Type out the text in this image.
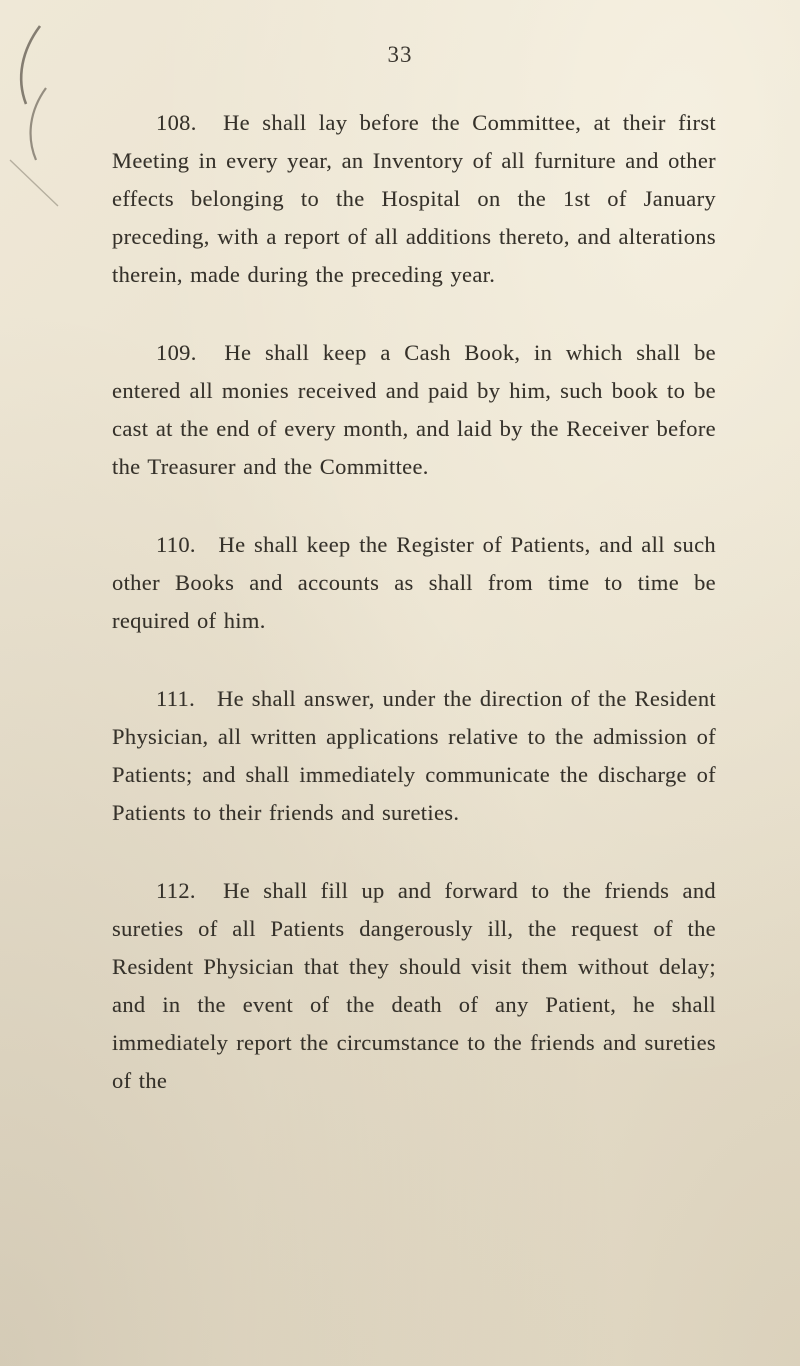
33

108. He shall lay before the Committee, at their first Meeting in every year, an Inventory of all furniture and other effects belonging to the Hospital on the 1st of January preceding, with a report of all additions thereto, and alterations therein, made during the preceding year.

109. He shall keep a Cash Book, in which shall be entered all monies received and paid by him, such book to be cast at the end of every month, and laid by the Receiver before the Treasurer and the Committee.

110. He shall keep the Register of Patients, and all such other Books and accounts as shall from time to time be required of him.

111. He shall answer, under the direction of the Resident Physician, all written applications relative to the admission of Patients; and shall immediately communicate the discharge of Patients to their friends and sureties.

112. He shall fill up and forward to the friends and sureties of all Patients dangerously ill, the request of the Resident Physician that they should visit them without delay; and in the event of the death of any Patient, he shall immediately report the circumstance to the friends and sureties of the
